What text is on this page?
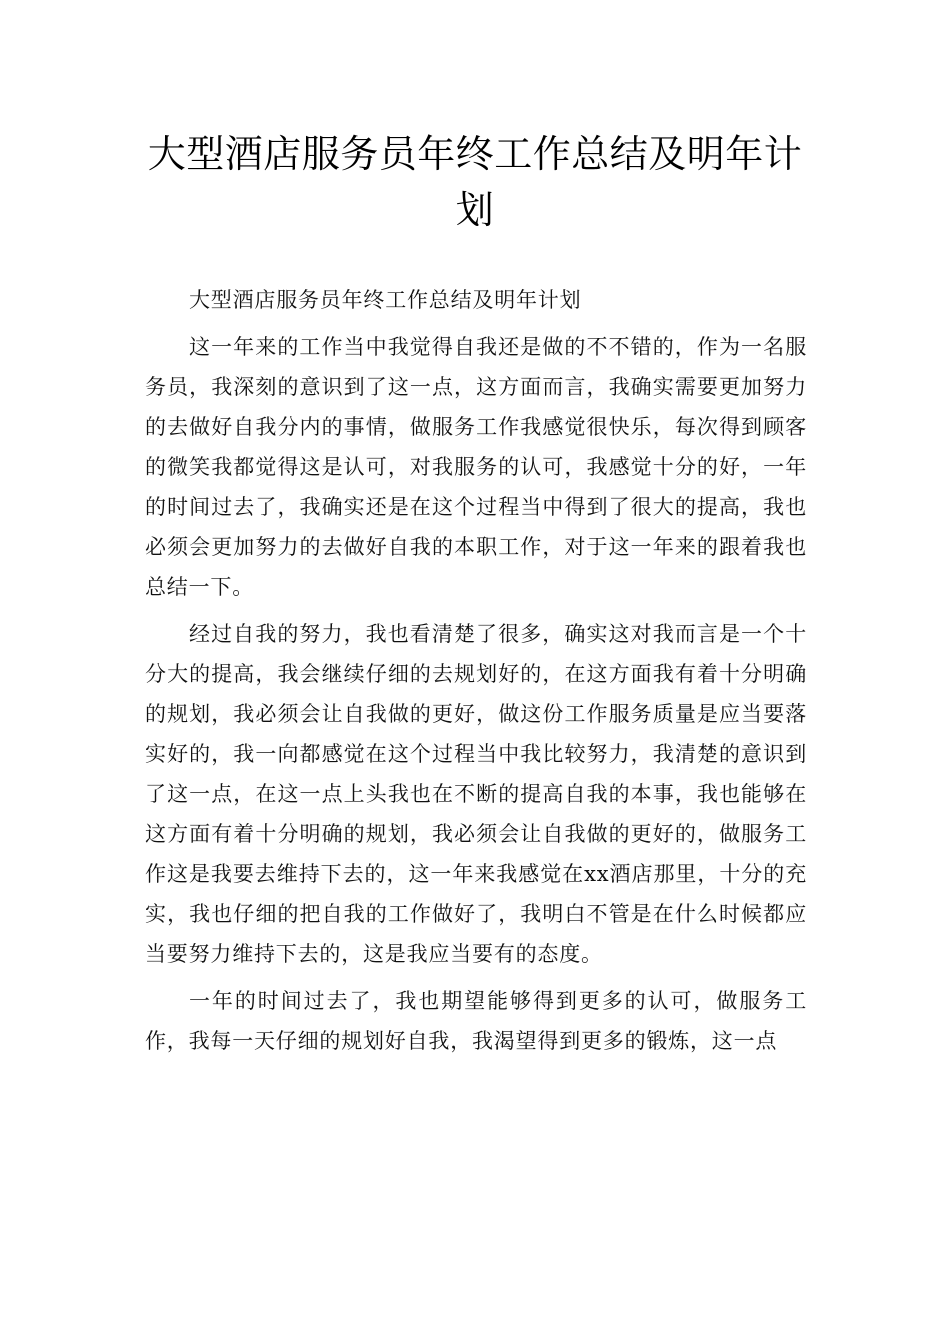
大型酒店服务员年终工作总结及明年计划

大型酒店服务员年终工作总结及明年计划

这一年来的工作当中我觉得自我还是做的不不错的，作为一名服务员，我深刻的意识到了这一点，这方面而言，我确实需要更加努力的去做好自我分内的事情，做服务工作我感觉很快乐，每次得到顾客的微笑我都觉得这是认可，对我服务的认可，我感觉十分的好，一年的时间过去了，我确实还是在这个过程当中得到了很大的提高，我也必须会更加努力的去做好自我的本职工作，对于这一年来的跟着我也总结一下。

经过自我的努力，我也看清楚了很多，确实这对我而言是一个十分大的提高，我会继续仔细的去规划好的，在这方面我有着十分明确的规划，我必须会让自我做的更好，做这份工作服务质量是应当要落实好的，我一向都感觉在这个过程当中我比较努力，我清楚的意识到了这一点，在这一点上头我也在不断的提高自我的本事，我也能够在这方面有着十分明确的规划，我必须会让自我做的更好的，做服务工作这是我要去维持下去的，这一年来我感觉在xx酒店那里，十分的充实，我也仔细的把自我的工作做好了，我明白不管是在什么时候都应当要努力维持下去的，这是我应当要有的态度。

一年的时间过去了，我也期望能够得到更多的认可，做服务工作，我每一天仔细的规划好自我，我渴望得到更多的锻炼，这一点
